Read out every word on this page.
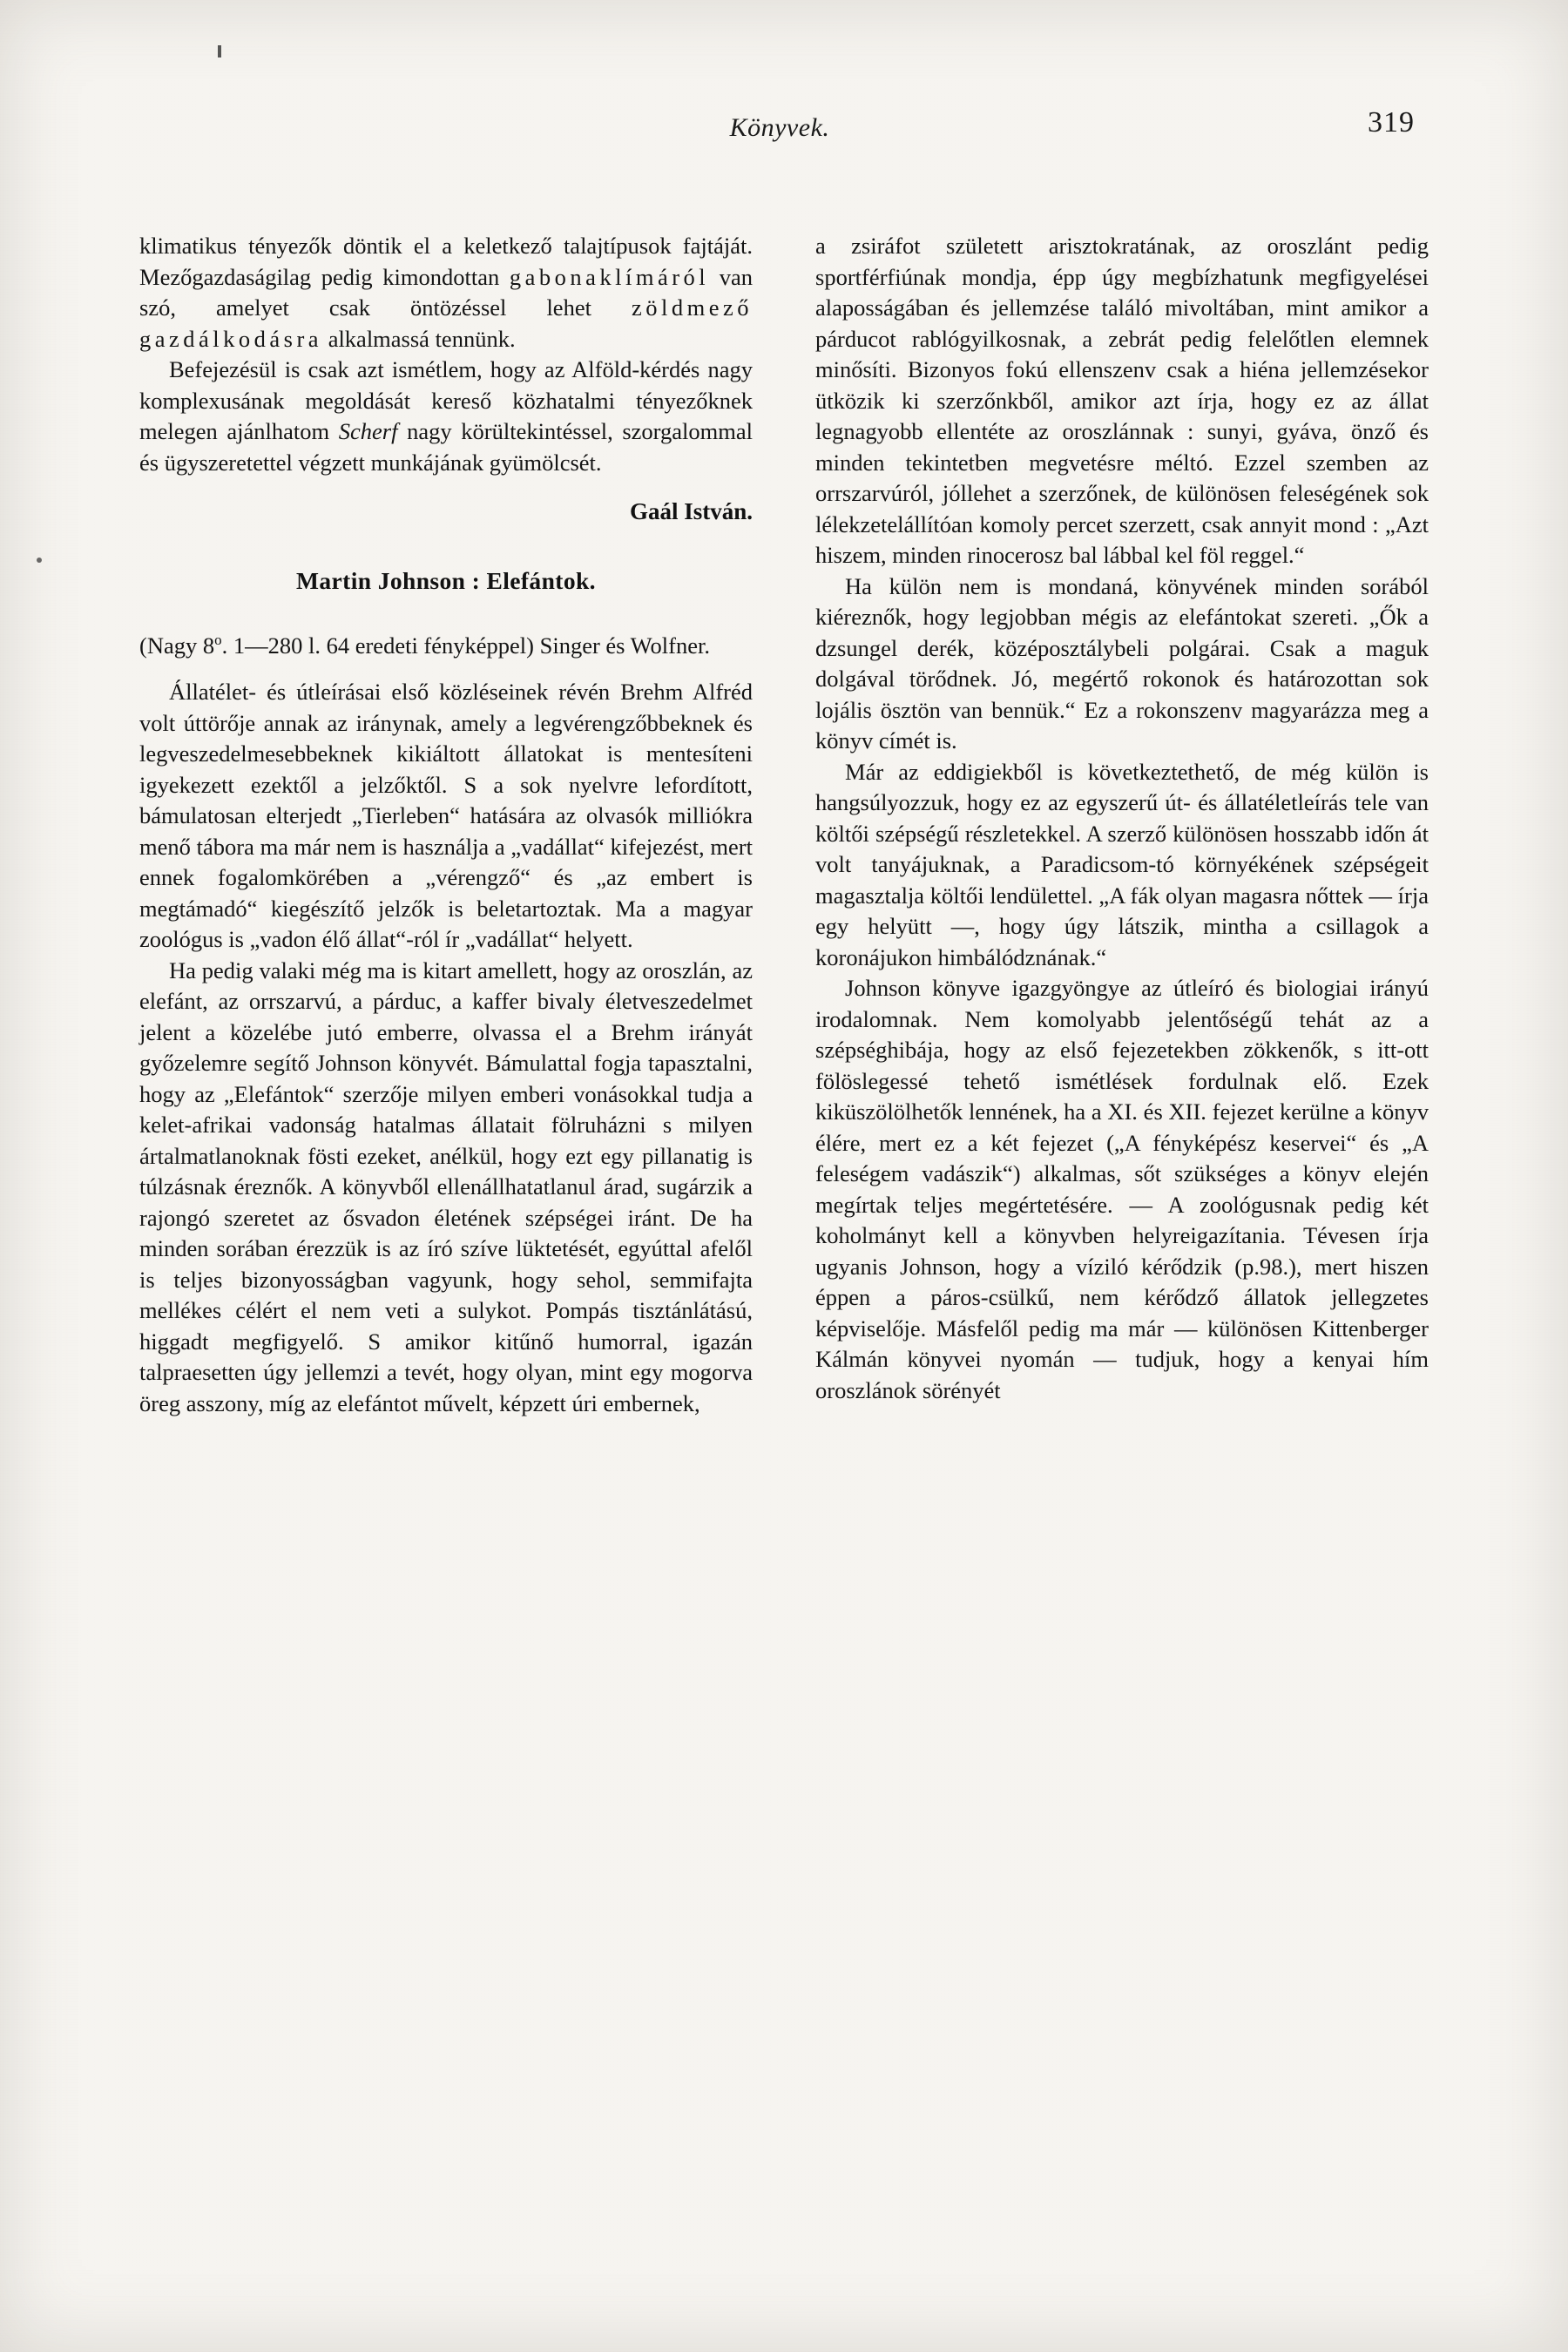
Könyvek.	319

klimatikus tényezők döntik el a keletkező talajtípusok fajtáját. Mezőgazdaságilag pedig kimondottan gabonaklímáról van szó, amelyet csak öntözéssel lehet zöldmező gazdálkodásra alkalmassá tennünk.

Befejezésül is csak azt ismétlem, hogy az Alföld-kérdés nagy komplexusának megoldását kereső közhatalmi tényezőknek melegen ajánlhatom Scherf nagy körültekintéssel, szorgalommal és ügyszeretettel végzett munkájának gyümölcsét.

Gaál István.

Martin Johnson : Elefántok.

(Nagy 8$^o$. 1—280 l. 64 eredeti fényképpel) Singer és Wolfner.

Állatélet- és útleírásai első közléseinek révén Brehm Alfréd volt úttörője annak az iránynak, amely a legvérengzőbbeknek és legveszedelmesebbeknek kikiáltott állatokat is mentesíteni igyekezett ezektől a jelzőktől. S a sok nyelvre lefordított, bámulatosan elterjedt „Tierleben“ hatására az olvasók milliókra menő tábora ma már nem is használja a „vadállat“ kifejezést, mert ennek fogalomkörében a „vérengző“ és „az embert is megtámadó“ kiegészítő jelzők is beletartoztak. Ma a magyar zoológus is „vadon élő állat“-ról ír „vadállat“ helyett.

Ha pedig valaki még ma is kitart amellett, hogy az oroszlán, az elefánt, az orrszarvú, a párduc, a kaffer bivaly életveszedelmet jelent a közelébe jutó emberre, olvassa el a Brehm irányát győzelemre segítő Johnson könyvét. Bámulattal fogja tapasztalni, hogy az „Elefántok“ szerzője milyen emberi vonásokkal tudja a kelet-afrikai vadonság hatalmas állatait fölruházni s milyen ártalmatlanoknak fösti ezeket, anélkül, hogy ezt egy pillanatig is túlzásnak éreznők. A könyvből ellenállhatatlanul árad, sugárzik a rajongó szeretet az ősvadon életének szépségei iránt. De ha minden sorában érezzük is az író szíve lüktetését, egyúttal afelől is teljes bizonyosságban vagyunk, hogy sehol, semmifajta mellékes célért el nem veti a sulykot. Pompás tisztánlátású, higgadt megfigyelő. S amikor kitűnő humorral, igazán talpraesetten úgy jellemzi a tevét, hogy olyan, mint egy mogorva öreg asszony, míg az elefántot művelt, képzett úri embernek,

a zsiráfot született arisztokratának, az oroszlánt pedig sportférfiúnak mondja, épp úgy megbízhatunk megfigyelései alaposságában és jellemzése találó mivoltában, mint amikor a párducot rablógyilkosnak, a zebrát pedig felelőtlen elemnek minősíti. Bizonyos fokú ellenszenv csak a hiéna jellemzésekor ütközik ki szerzőnkből, amikor azt írja, hogy ez az állat legnagyobb ellentéte az oroszlánnak : sunyi, gyáva, önző és minden tekintetben megvetésre méltó. Ezzel szemben az orrszarvúról, jóllehet a szerzőnek, de különösen feleségének sok lélekzetelállítóan komoly percet szerzett, csak annyit mond : „Azt hiszem, minden rinocerosz bal lábbal kel föl reggel.“

Ha külön nem is mondaná, könyvének minden sorából kiéreznők, hogy legjobban mégis az elefántokat szereti. „Ők a dzsungel derék, középosztálybeli polgárai. Csak a maguk dolgával törődnek. Jó, megértő rokonok és határozottan sok lojális ösztön van bennük.“ Ez a rokonszenv magyarázza meg a könyv címét is.

Már az eddigiekből is következtethető, de még külön is hangsúlyozzuk, hogy ez az egyszerű út- és állatéletleírás tele van költői szépségű részletekkel. A szerző különösen hosszabb időn át volt tanyájuknak, a Paradicsom-tó környékének szépségeit magasztalja költői lendülettel. „A fák olyan magasra nőttek — írja egy helyütt —, hogy úgy látszik, mintha a csillagok a koronájukon himbálódznának.“

Johnson könyve igazgyöngye az útleíró és biologiai irányú irodalomnak. Nem komolyabb jelentőségű tehát az a szépséghibája, hogy az első fejezetekben zökkenők, s itt-ott fölöslegessé tehető ismétlések fordulnak elő. Ezek kiküszölölhetők lennének, ha a XI. és XII. fejezet kerülne a könyv élére, mert ez a két fejezet („A fényképész keservei“ és „A feleségem vadászik“) alkalmas, sőt szükséges a könyv elején megírtak teljes megértetésére. — A zoológusnak pedig két koholmányt kell a könyvben helyreigazítania. Tévesen írja ugyanis Johnson, hogy a víziló kérődzik (p.98.), mert hiszen éppen a páros-csülkű, nem kérődző állatok jellegzetes képviselője. Másfelől pedig ma már — különösen Kittenberger Kálmán könyvei nyomán — tudjuk, hogy a kenyai hím oroszlánok sörényét
